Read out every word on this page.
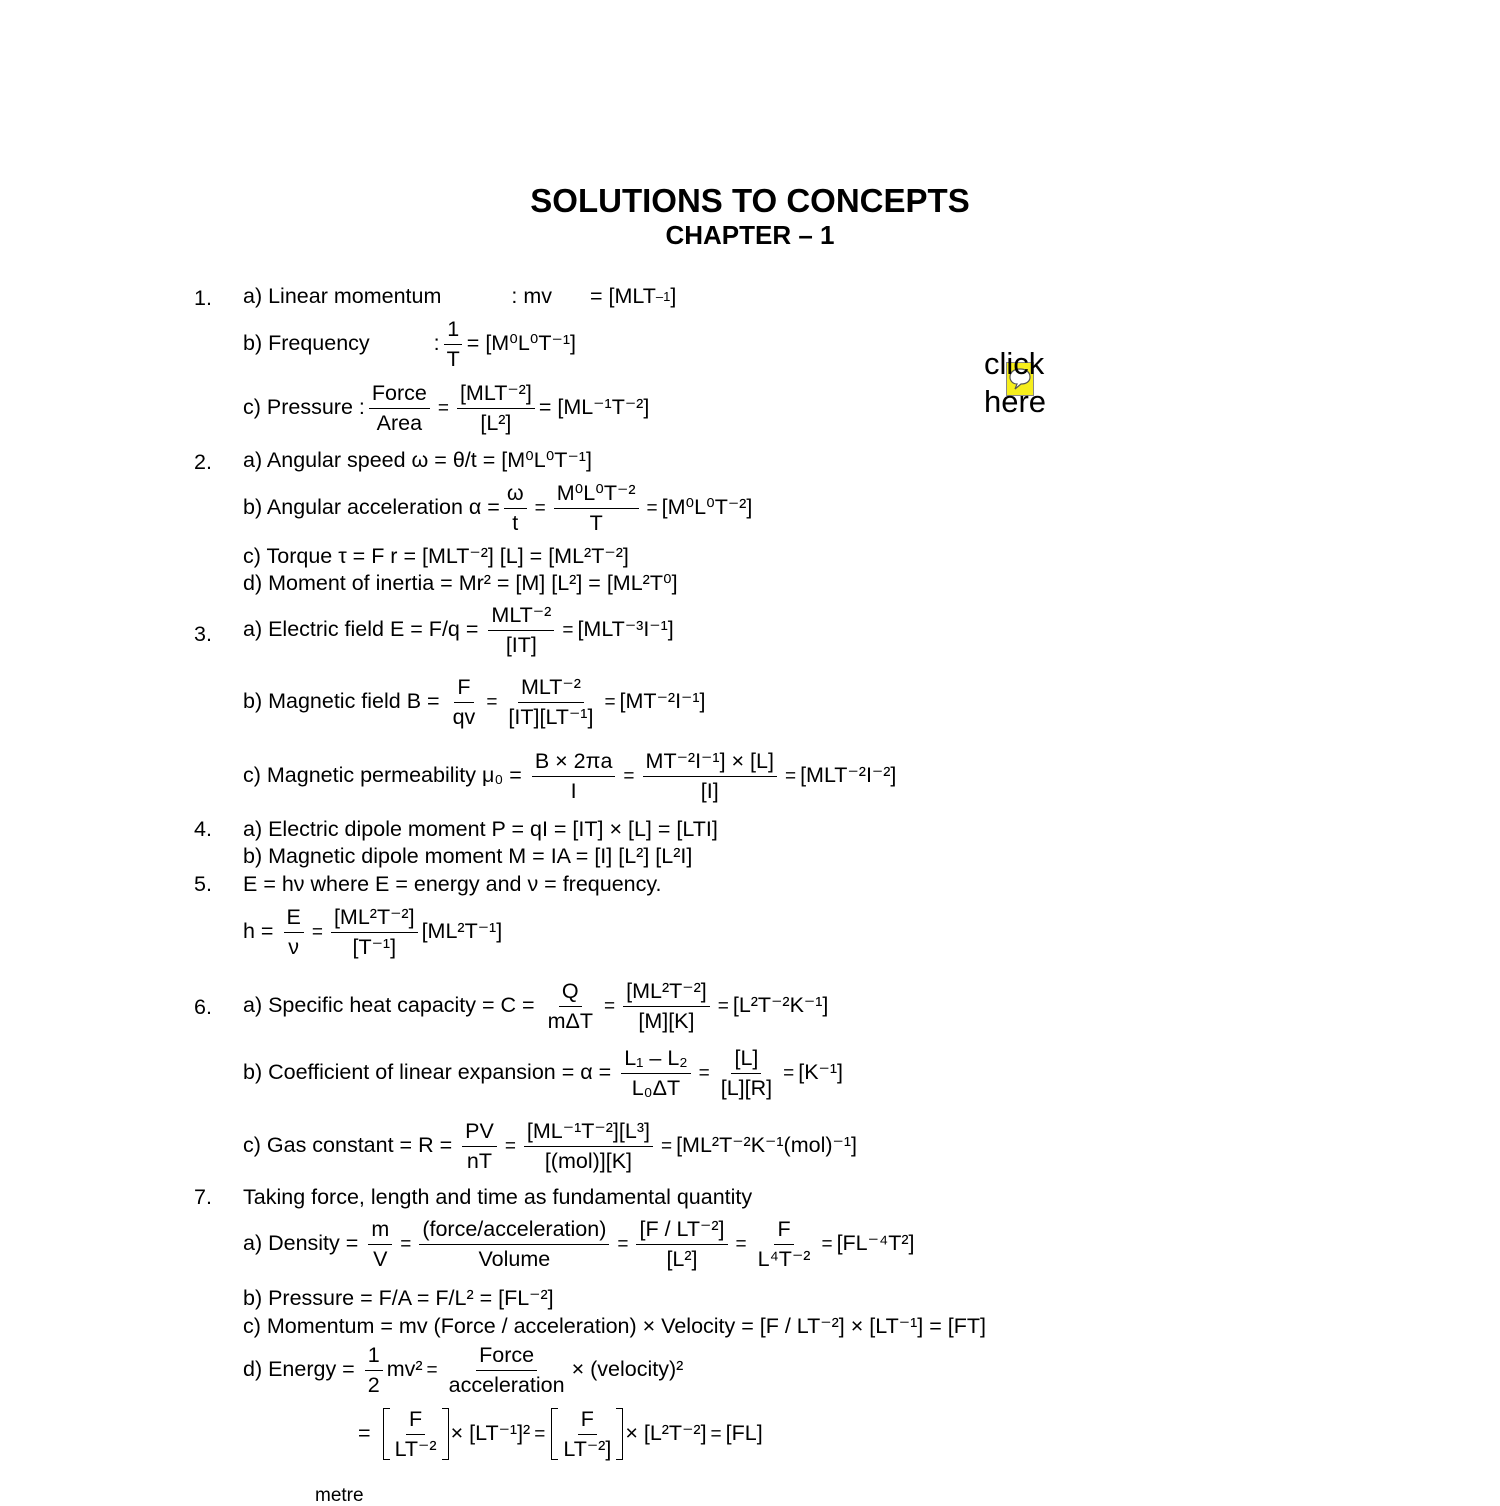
SOLUTIONS TO CONCEPTS
CHAPTER – 1
click
here
1. a) Linear momentum	: mv = [MLT –1 ]
b) Frequency	: $\frac{1}{T} = [M^0L^0T^{-1}]$
c) Pressure : $\frac{\text{Force}}{\text{Area}} = \frac{\text{[MLT⁻²]}}{\text{[L²]}} = [ML^{-1}T^{-2}]$
2. a) Angular speed ω = θ/t = [M⁰L⁰T⁻¹]
b) Angular acceleration $\alpha = \frac{\omega}{t} = \frac{\text{M⁰L⁰T⁻²}}{T} = [M^0L^0T^{-2}]$
c) Torque τ = F r = [MLT⁻²] [L] = [ML²T⁻²]
d) Moment of inertia = Mr² = [M] [L²] = [ML²T⁰]
3. a) Electric field $E = F/q = \frac{\text{MLT⁻²}}{[IT]} = [MLT^{-3}I^{-1}]$
b) Magnetic field $B = \frac{F}{qv} = \frac{\text{MLT⁻²}}{\text{[IT][LT⁻¹]}} = [MT^{-2}I^{-1}]$
c) Magnetic permeability $\mu_0 = \frac{B \times 2\pi a}{I} = \frac{\text{MT⁻²I⁻¹] × [L]}}{[I]} = [MLT^{-2}I^{-2}]$
4. a) Electric dipole moment P = qI = [IT] × [L] = [LTI]
b) Magnetic dipole moment M = IA = [I] [L²] [L²I]
5. E = hν where E = energy and ν = frequency.
$h = \frac{E}{\nu} = \frac{\text{[ML²T⁻²]}}{\text{[T⁻¹]}} [ML^2T^{-1}]$
6. a) Specific heat capacity = $C = \frac{Q}{\text{mΔT}} = \frac{\text{[ML²T⁻²]}}{[M][K]} = [L^2T^{-2}K^{-1}]$
b) Coefficient of linear expansion = $\alpha = \frac{\text{L₁ – L₂}}{\text{L₀ΔT}} = \frac{[L]}{[L][R]} = [K^{-1}]$
c) Gas constant = $R = \frac{PV}{nT} = \frac{\text{[ML⁻¹T⁻²][L³]}}{\text{[(mol)][K]}} = [ML^2T^{-2}K^{-1}(mol)^{-1}]$
7. Taking force, length and time as fundamental quantity
a) Density = $\frac{m}{V} = \frac{\text{(force/acceleration)}}{\text{Volume}} = \frac{\text{[F / LT⁻²]}}{\text{[L²]}} = \frac{F}{\text{L⁴T⁻²}} = [FL^{-4}T^2]$
b) Pressure = F/A = F/L² = [FL⁻²]
c) Momentum = mv (Force / acceleration) × Velocity = [F / LT⁻²] × [LT⁻¹] = [FT]
d) Energy = $\frac{1}{2} mv^2 = \frac{\text{Force}}{\text{acceleration}}$ × (velocity)²
= $\frac{F}{\text{LT⁻²}} \times [LT^{-1}]^2 = \frac{F}{\text{LT⁻²]}} \times [L^2T^{-2}] = [FL]$
metre
